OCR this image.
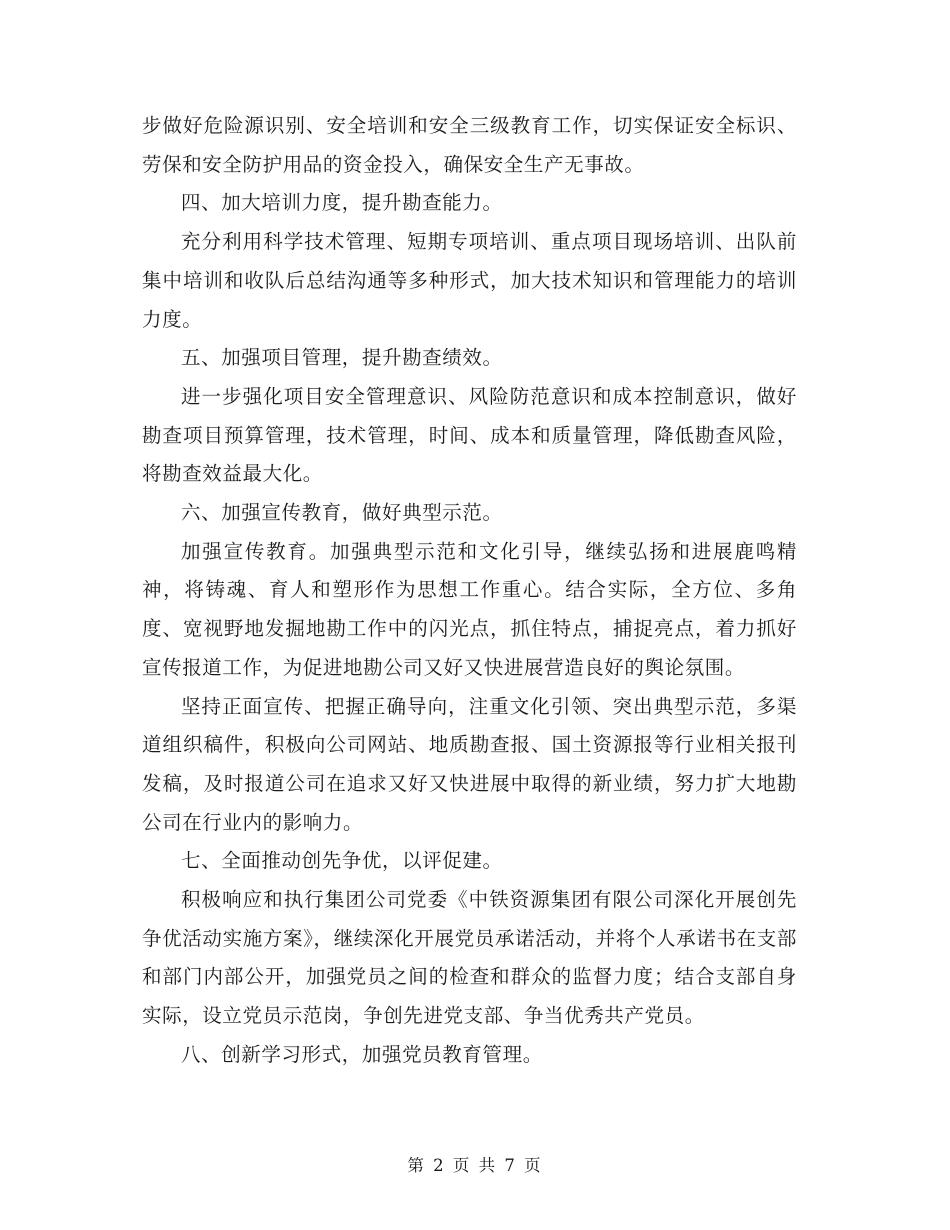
步做好危险源识别、安全培训和安全三级教育工作，切实保证安全标识、劳保和安全防护用品的资金投入，确保安全生产无事故。

四、加大培训力度，提升勘查能力。

充分利用科学技术管理、短期专项培训、重点项目现场培训、出队前集中培训和收队后总结沟通等多种形式，加大技术知识和管理能力的培训力度。

五、加强项目管理，提升勘查绩效。

进一步强化项目安全管理意识、风险防范意识和成本控制意识，做好勘查项目预算管理，技术管理，时间、成本和质量管理，降低勘查风险，将勘查效益最大化。

六、加强宣传教育，做好典型示范。

加强宣传教育。加强典型示范和文化引导，继续弘扬和进展鹿鸣精神，将铸魂、育人和塑形作为思想工作重心。结合实际，全方位、多角度、宽视野地发掘地勘工作中的闪光点，抓住特点，捕捉亮点，着力抓好宣传报道工作，为促进地勘公司又好又快进展营造良好的舆论氛围。

坚持正面宣传、把握正确导向，注重文化引领、突出典型示范，多渠道组织稿件，积极向公司网站、地质勘查报、国土资源报等行业相关报刊发稿，及时报道公司在追求又好又快进展中取得的新业绩，努力扩大地勘公司在行业内的影响力。

七、全面推动创先争优，以评促建。

积极响应和执行集团公司党委《中铁资源集团有限公司深化开展创先争优活动实施方案》，继续深化开展党员承诺活动，并将个人承诺书在支部和部门内部公开，加强党员之间的检查和群众的监督力度；结合支部自身实际，设立党员示范岗，争创先进党支部、争当优秀共产党员。

八、创新学习形式，加强党员教育管理。

第 2 页 共 7 页
